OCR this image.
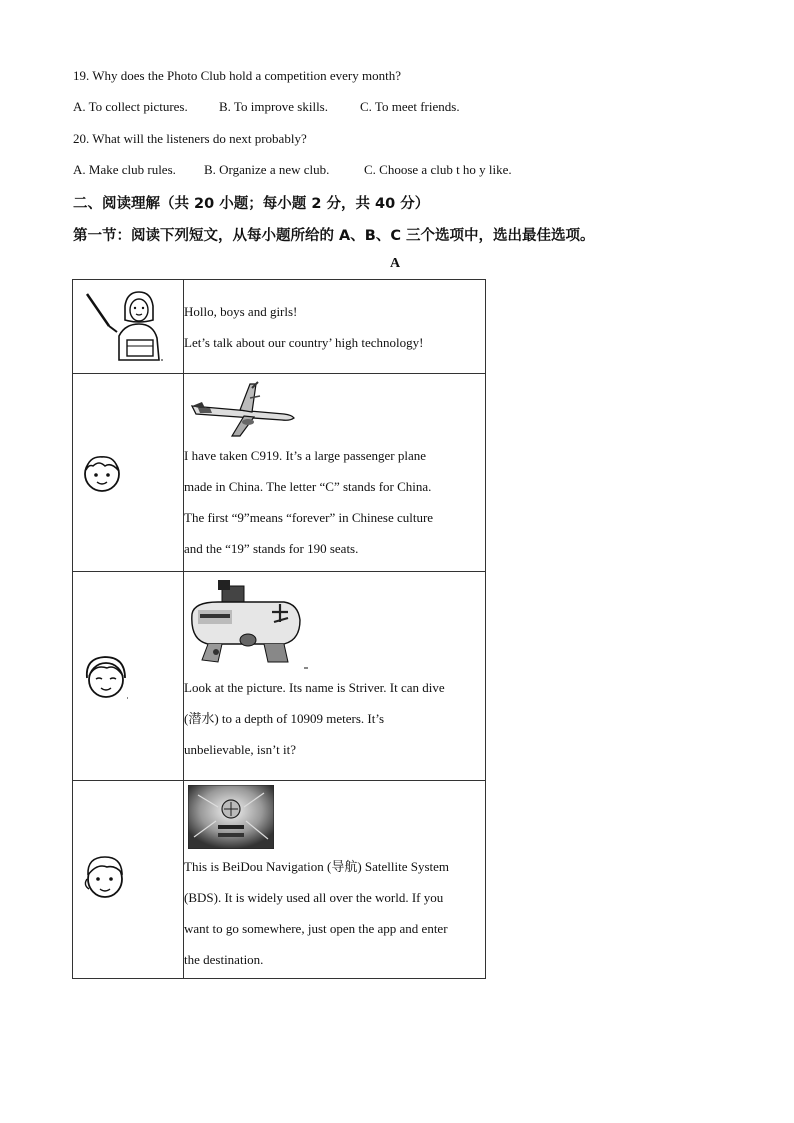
19. Why does the Photo Club hold a competition every month?
A. To collect pictures. B. To improve skills. C. To meet friends.
20. What will the listeners do next probably?
A. Make club rules. B. Organize a new club.	C. Choose a club t ho y like.
二、阅读理解（共 20 小题；每小题 2 分，共 40 分）
第一节：阅读下列短文，从每小题所给的 A、B、C 三个选项中，选出最佳选项。
A

Hollo, boys and girls!

Let’s talk about our country’ high technology!

I have taken C919. It’s a large passenger plane

made in China. The letter “C” stands for China.

The first “9”means “forever” in Chinese culture

and the “19” stands for 190 seats.

Look at the picture. Its name is Striver. It can dive

(潜水) to a depth of 10909 meters. It’s

unbelievable, isn’t it?

This is BeiDou Navigation (导航) Satellite System

(BDS). It is widely used all over the world. If you

want to go somewhere, just open the app and enter

the destination.
